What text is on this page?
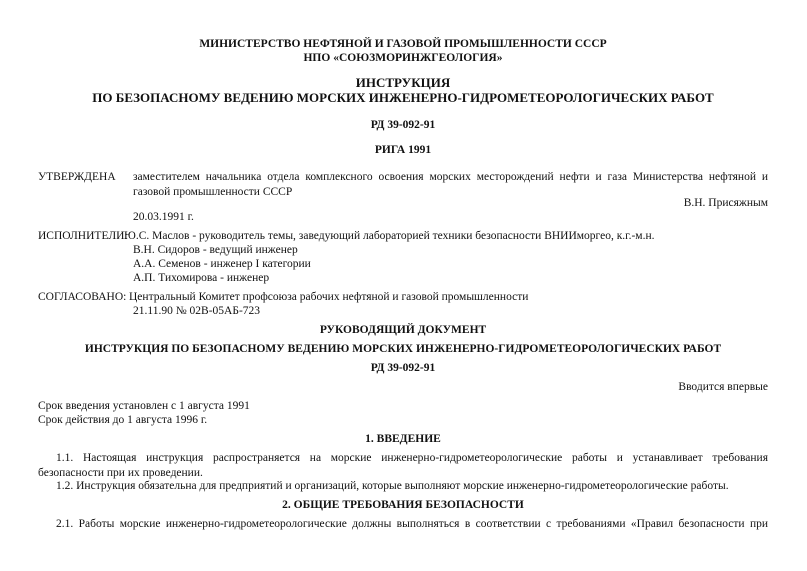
МИНИСТЕРСТВО НЕФТЯНОЙ И ГАЗОВОЙ ПРОМЫШЛЕННОСТИ СССР
НПО «СОЮЗМОРИНЖГЕОЛОГИЯ»
ИНСТРУКЦИЯ
ПО БЕЗОПАСНОМУ ВЕДЕНИЮ МОРСКИХ ИНЖЕНЕРНО-ГИДРОМЕТЕОРОЛОГИЧЕСКИХ РАБОТ
РД 39-092-91
РИГА 1991
УТВЕРЖДЕНА заместителем начальника отдела комплексного освоения морских месторождений нефти и газа Министерства нефтяной и газовой промышленности СССР
В.Н. Присяжным
20.03.1991 г.
ИСПОЛНИТЕЛИ:
Ю.С. Маслов - руководитель темы, заведующий лабораторией техники безопасности ВНИИморгео, к.г.-м.н.
В.Н. Сидоров - ведущий инженер
А.А. Семенов - инженер I категории
А.П. Тихомирова - инженер
СОГЛАСОВАНО: Центральный Комитет профсоюза рабочих нефтяной и газовой промышленности
21.11.90 № 02В-05АБ-723
РУКОВОДЯЩИЙ ДОКУМЕНТ
ИНСТРУКЦИЯ ПО БЕЗОПАСНОМУ ВЕДЕНИЮ МОРСКИХ ИНЖЕНЕРНО-ГИДРОМЕТЕОРОЛОГИЧЕСКИХ РАБОТ
РД 39-092-91
Вводится впервые
Срок введения установлен с 1 августа 1991
Срок действия до 1 августа 1996 г.
1. ВВЕДЕНИЕ
1.1. Настоящая инструкция распространяется на морские инженерно-гидрометеорологические работы и устанавливает требования безопасности при их проведении.
1.2. Инструкция обязательна для предприятий и организаций, которые выполняют морские инженерно-гидрометеорологические работы.
2. ОБЩИЕ ТРЕБОВАНИЯ БЕЗОПАСНОСТИ
2.1. Работы морские инженерно-гидрометеорологические должны выполняться в соответствии с требованиями «Правил безопасности при
